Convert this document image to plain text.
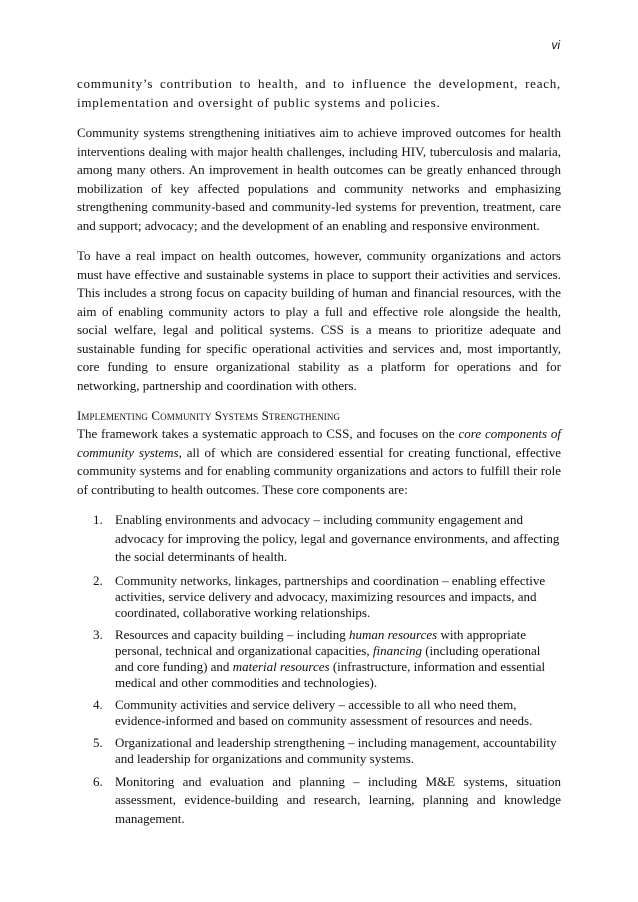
vi

community’s contribution to health, and to influence the development, reach, implementation and oversight of public systems and policies.

Community systems strengthening initiatives aim to achieve improved outcomes for health interventions dealing with major health challenges, including HIV, tuberculosis and malaria, among many others. An improvement in health outcomes can be greatly enhanced through mobilization of key affected populations and community networks and emphasizing strengthening community-based and community-led systems for prevention, treatment, care and support; advocacy; and the development of an enabling and responsive environment.

To have a real impact on health outcomes, however, community organizations and actors must have effective and sustainable systems in place to support their activities and services. This includes a strong focus on capacity building of human and financial resources, with the aim of enabling community actors to play a full and effective role alongside the health, social welfare, legal and political systems. CSS is a means to prioritize adequate and sustainable funding for specific operational activities and services and, most importantly, core funding to ensure organizational stability as a platform for operations and for networking, partnership and coordination with others.

Implementing Community Systems Strengthening

The framework takes a systematic approach to CSS, and focuses on the core components of community systems, all of which are considered essential for creating functional, effective community systems and for enabling community organizations and actors to fulfill their role of contributing to health outcomes. These core components are:

1. Enabling environments and advocacy – including community engagement and advocacy for improving the policy, legal and governance environments, and affecting the social determinants of health.
2. Community networks, linkages, partnerships and coordination – enabling effective activities, service delivery and advocacy, maximizing resources and impacts, and coordinated, collaborative working relationships.
3. Resources and capacity building – including human resources with appropriate personal, technical and organizational capacities, financing (including operational and core funding) and material resources (infrastructure, information and essential medical and other commodities and technologies).
4. Community activities and service delivery – accessible to all who need them, evidence-informed and based on community assessment of resources and needs.
5. Organizational and leadership strengthening – including management, accountability and leadership for organizations and community systems.
6. Monitoring and evaluation and planning – including M&E systems, situation assessment, evidence-building and research, learning, planning and knowledge management.
